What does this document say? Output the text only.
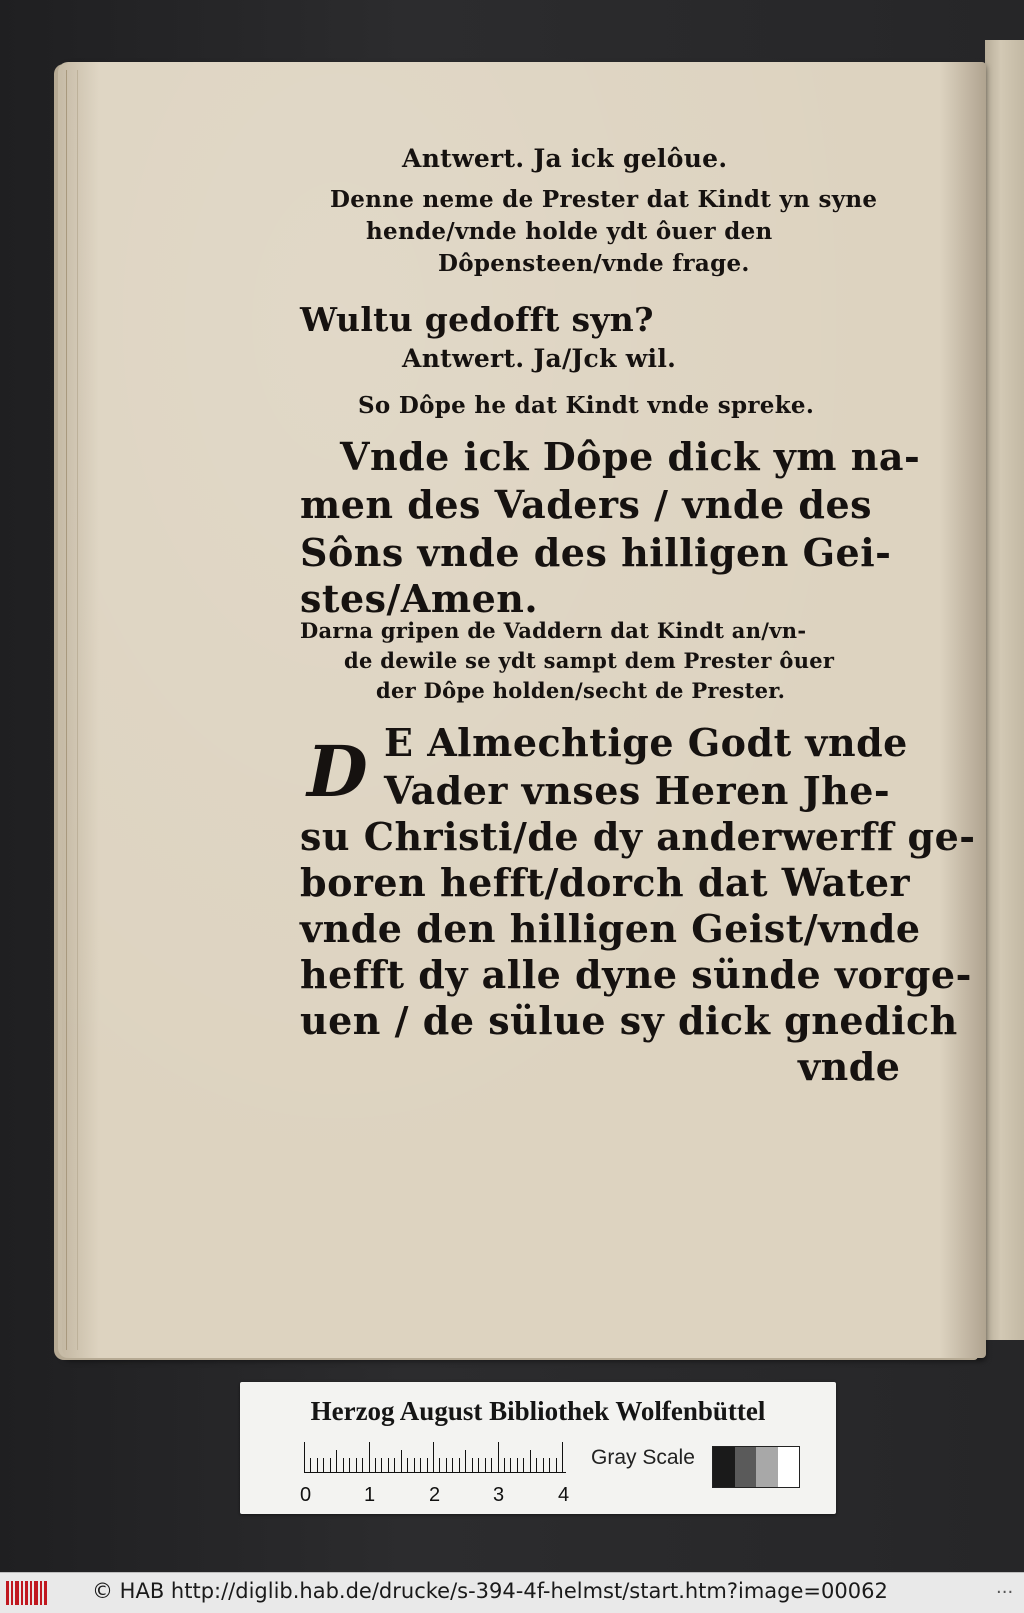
Antwert. Ja ick gelôue.

Denne neme de Prester dat Kindt yn syne

hende/vnde holde ydt ôuer den

Dôpensteen/vnde frage.

Wultu gedofft syn?

Antwert. Ja/Jck wil.

So Dôpe he dat Kindt vnde spreke.

Vnde ick Dôpe dick ym na-

men des Vaders / vnde des

Sôns vnde des hilligen Gei-

stes/Amen.

Darna gripen de Vaddern dat Kindt an/vn-

de dewile se ydt sampt dem Prester ôuer

der Dôpe holden/secht de Prester.

D E Almechtige Godt vnde

Vader vnses Heren Jhe-

su Christi/de dy anderwerff ge-

boren hefft/dorch dat Water

vnde den hilligen Geist/vnde

hefft dy alle dyne sünde vorge-

uen / de sülue sy dick gnedich

vnde

Herzog August Bibliothek Wolfenbüttel
0	1	2	3	4
Gray Scale
© HAB http://diglib.hab.de/drucke/s-394-4f-helmst/start.htm?image=00062	...
